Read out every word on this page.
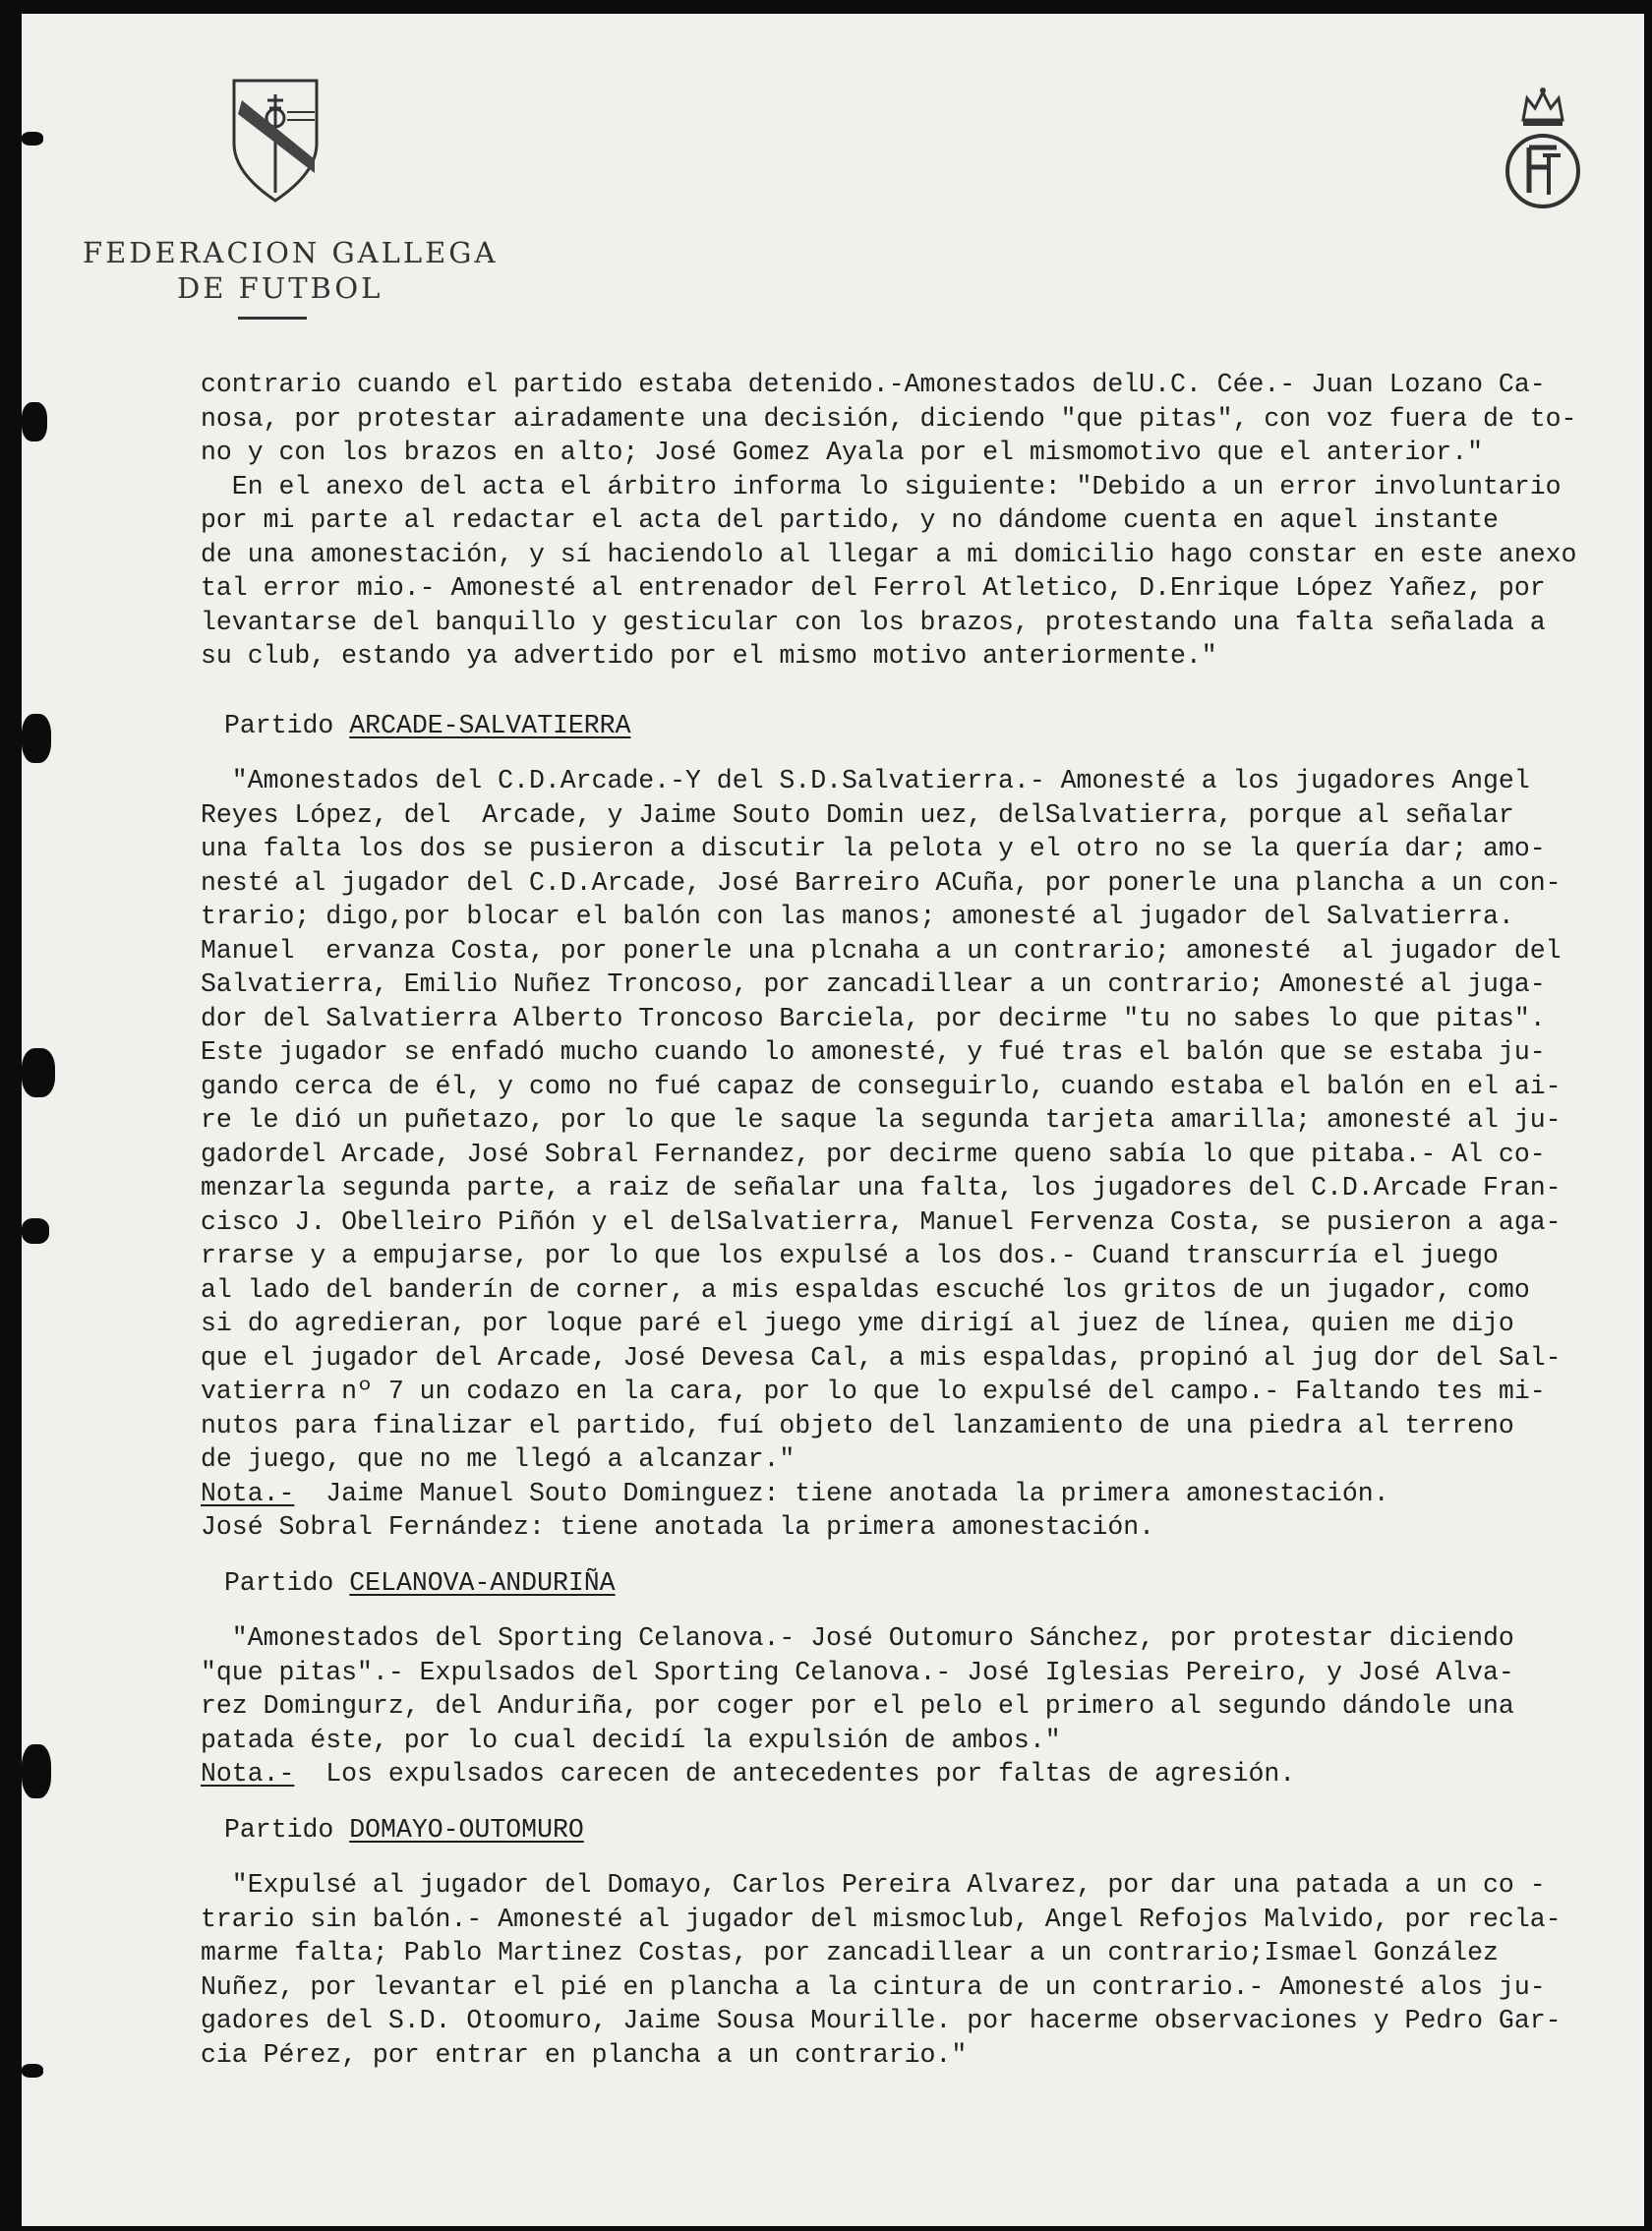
FEDERACION GALLEGA
DE FUTBOL
contrario cuando el partido estaba detenido.-Amonestados delU.C. Cée.- Juan Lozano Ca-
nosa, por protestar airadamente una decisión, diciendo "que pitas", con voz fuera de to-
no y con los brazos en alto; José Gomez Ayala por el mismomotivo que el anterior."
En el anexo del acta el árbitro informa lo siguiente: "Debido a un error involuntario
por mi parte al redactar el acta del partido, y no dándome cuenta en aquel instante
de una amonestación, y sí haciendolo al llegar a mi domicilio hago constar en este anexo
tal error mio.- Amonesté al entrenador del Ferrol Atletico, D.Enrique López Yañez, por
levantarse del banquillo y gesticular con los brazos, protestando una falta señalada a
su club, estando ya advertido por el mismo motivo anteriormente."
Partido ARCADE-SALVATIERRA
"Amonestados del C.D.Arcade.-Y del S.D.Salvatierra.- Amonesté a los jugadores Angel
Reyes López, del  Arcade, y Jaime Souto Domin uez, delSalvatierra, porque al señalar
una falta los dos se pusieron a discutir la pelota y el otro no se la quería dar; amo-
nesté al jugador del C.D.Arcade, José Barreiro ACuña, por ponerle una plancha a un con-
trario; digo,por blocar el balón con las manos; amonesté al jugador del Salvatierra.
Manuel  ervanza Costa, por ponerle una plcnaha a un contrario; amonesté  al jugador del
Salvatierra, Emilio Nuñez Troncoso, por zancadillear a un contrario; Amonesté al juga-
dor del Salvatierra Alberto Troncoso Barciela, por decirme "tu no sabes lo que pitas".
Este jugador se enfadó mucho cuando lo amonesté, y fué tras el balón que se estaba ju-
gando cerca de él, y como no fué capaz de conseguirlo, cuando estaba el balón en el ai-
re le dió un puñetazo, por lo que le saque la segunda tarjeta amarilla; amonesté al ju-
gadordel Arcade, José Sobral Fernandez, por decirme queno sabía lo que pitaba.- Al co-
menzarla segunda parte, a raiz de señalar una falta, los jugadores del C.D.Arcade Fran-
cisco J. Obelleiro Piñón y el delSalvatierra, Manuel Fervenza Costa, se pusieron a aga-
rrarse y a empujarse, por lo que los expulsé a los dos.- Cuand transcurría el juego
al lado del banderín de corner, a mis espaldas escuché los gritos de un jugador, como
si do agredieran, por loque paré el juego yme dirigí al juez de línea, quien me dijo
que el jugador del Arcade, José Devesa Cal, a mis espaldas, propinó al jug dor del Sal-
vatierra nº 7 un codazo en la cara, por lo que lo expulsé del campo.- Faltando tes mi-
nutos para finalizar el partido, fuí objeto del lanzamiento de una piedra al terreno
de juego, que no me llegó a alcanzar."
Nota.-  Jaime Manuel Souto Dominguez: tiene anotada la primera amonestación.
José Sobral Fernández: tiene anotada la primera amonestación.
Partido CELANOVA-ANDURIÑA
"Amonestados del Sporting Celanova.- José Outomuro Sánchez, por protestar diciendo
"que pitas".- Expulsados del Sporting Celanova.- José Iglesias Pereiro, y José Alva-
rez Domingurz, del Anduriña, por coger por el pelo el primero al segundo dándole una
patada éste, por lo cual decidí la expulsión de ambos."
Nota.-  Los expulsados carecen de antecedentes por faltas de agresión.
Partido DOMAYO-OUTOMURO
"Expulsé al jugador del Domayo, Carlos Pereira Alvarez, por dar una patada a un co -
trario sin balón.- Amonesté al jugador del mismoclub, Angel Refojos Malvido, por recla-
marme falta; Pablo Martinez Costas, por zancadillear a un contrario;Ismael González
Nuñez, por levantar el pié en plancha a la cintura de un contrario.- Amonesté alos ju-
gadores del S.D. Otoomuro, Jaime Sousa Mourille. por hacerme observaciones y Pedro Gar-
cia Pérez, por entrar en plancha a un contrario."
